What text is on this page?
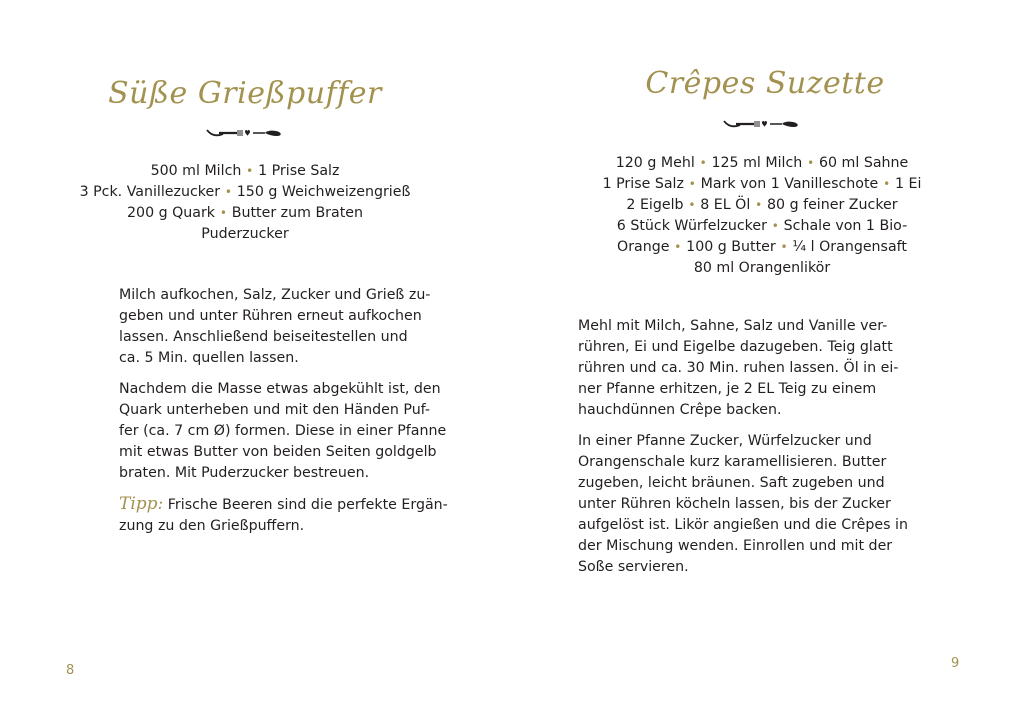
Süße Grießpuffer
500 ml Milch • 1 Prise Salz
3 Pck. Vanillezucker • 150 g Weichweizengrieß
200 g Quark • Butter zum Braten
Puderzucker

Milch aufkochen, Salz, Zucker und Grieß zu-
geben und unter Rühren erneut aufkochen
lassen. Anschließend beiseitestellen und
ca. 5 Min. quellen lassen.

Nachdem die Masse etwas abgekühlt ist, den
Quark unterheben und mit den Händen Puf-
fer (ca. 7 cm Ø) formen. Diese in einer Pfanne
mit etwas Butter von beiden Seiten goldgelb
braten. Mit Puderzucker bestreuen.

Tipp: Frische Beeren sind die perfekte Ergän-
zung zu den Grießpuffern.

8
Crêpes Suzette
120 g Mehl • 125 ml Milch • 60 ml Sahne
1 Prise Salz • Mark von 1 Vanilleschote • 1 Ei
2 Eigelb • 8 EL Öl • 80 g feiner Zucker
6 Stück Würfelzucker • Schale von 1 Bio-
Orange • 100 g Butter • ¼ l Orangensaft
80 ml Orangenlikör

Mehl mit Milch, Sahne, Salz und Vanille ver-
rühren, Ei und Eigelbe dazugeben. Teig glatt
rühren und ca. 30 Min. ruhen lassen. Öl in ei-
ner Pfanne erhitzen, je 2 EL Teig zu einem
hauchdünnen Crêpe backen.

In einer Pfanne Zucker, Würfelzucker und
Orangenschale kurz karamellisieren. Butter
zugeben, leicht bräunen. Saft zugeben und
unter Rühren köcheln lassen, bis der Zucker
aufgelöst ist. Likör angießen und die Crêpes in
der Mischung wenden. Einrollen und mit der
Soße servieren.

9
